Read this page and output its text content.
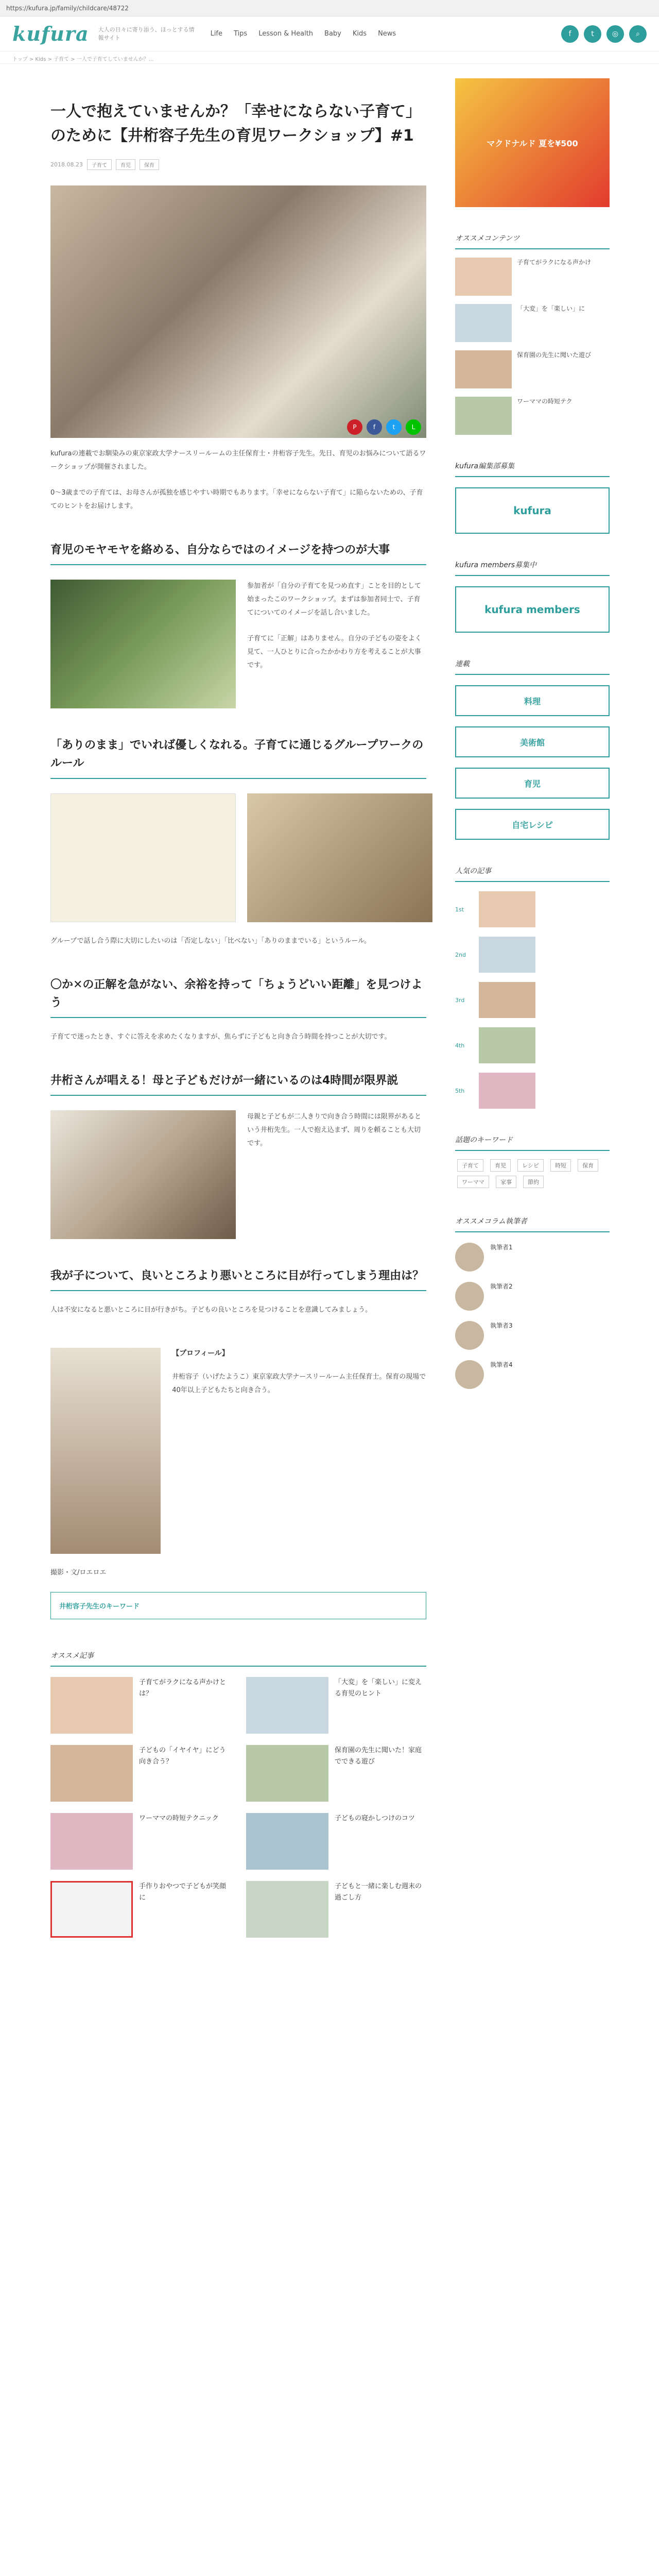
https://kufura.jp/family/childcare/48722
kufura 大人の日々に寄り添う、ほっとする情報サイト	Life Tips Lesson & Health Baby Kids News	f	t	◎	⌕
トップ > Kids > 子育て > 一人で子育てしていませんか？...
一人で抱えていませんか？「幸せにならない子育て」のために【井桁容子先生の育児ワークショップ】#1
2018.08.23	子育て	育児	保育
P	f	t	L

kufuraの連載でお馴染みの東京家政大学ナースリールームの主任保育士・井桁容子先生。先日、育児のお悩みについて語るワークショップが開催されました。

0〜3歳までの子育ては、お母さんが孤独を感じやすい時期でもあります。「幸せにならない子育て」に陥らないための、子育てのヒントをお届けします。

育児のモヤモヤを絡める、自分ならではのイメージを持つのが大事

参加者が「自分の子育てを見つめ直す」ことを目的として始まったこのワークショップ。まずは参加者同士で、子育てについてのイメージを話し合いました。

子育てに「正解」はありません。自分の子どもの姿をよく見て、一人ひとりに合ったかかわり方を考えることが大事です。

「ありのまま」でいれば優しくなれる。子育てに通じるグループワークのルール

グループで話し合う際に大切にしたいのは「否定しない」「比べない」「ありのままでいる」というルール。

〇か✕の正解を急がない、余裕を持って「ちょうどいい距離」を見つけよう

子育てで迷ったとき、すぐに答えを求めたくなりますが、焦らずに子どもと向き合う時間を持つことが大切です。

井桁さんが唱える！母と子どもだけが一緒にいるのは4時間が限界説

母親と子どもが二人きりで向き合う時間には限界があるという井桁先生。一人で抱え込まず、周りを頼ることも大切です。

我が子について、良いところより悪いところに目が行ってしまう理由は？

人は不安になると悪いところに目が行きがち。子どもの良いところを見つけることを意識してみましょう。

【プロフィール】

井桁容子（いげたようこ）東京家政大学ナースリールーム主任保育士。保育の現場で40年以上子どもたちと向き合う。

撮影・文/ロエロエ

井桁容子先生のキーワード

オススメ記事
子育てがラクになる声かけとは？
「大変」を「楽しい」に変える育児のヒント
子どもの「イヤイヤ」にどう向き合う？
保育園の先生に聞いた！家庭でできる遊び
ワーママの時短テクニック	子どもの寝かしつけのコツ
手作りおやつで子どもが笑顔に
子どもと一緒に楽しむ週末の過ごし方
マクドナルド 夏を¥500
オススメコンテンツ
子育てがラクになる声かけ
「大変」を「楽しい」に
保育園の先生に聞いた遊び
ワーママの時短テク
kufura編集部募集
kufura
kufura members募集中
kufura members
連載
料理
美術館
育児
自宅レシピ
人気の記事
1st
2nd
3rd
4th
5th
話題のキーワード
子育て	育児	レシピ	時短	保育 ワーママ	家事	節約
オススメコラム執筆者
執筆者1
執筆者2
執筆者3
執筆者4
